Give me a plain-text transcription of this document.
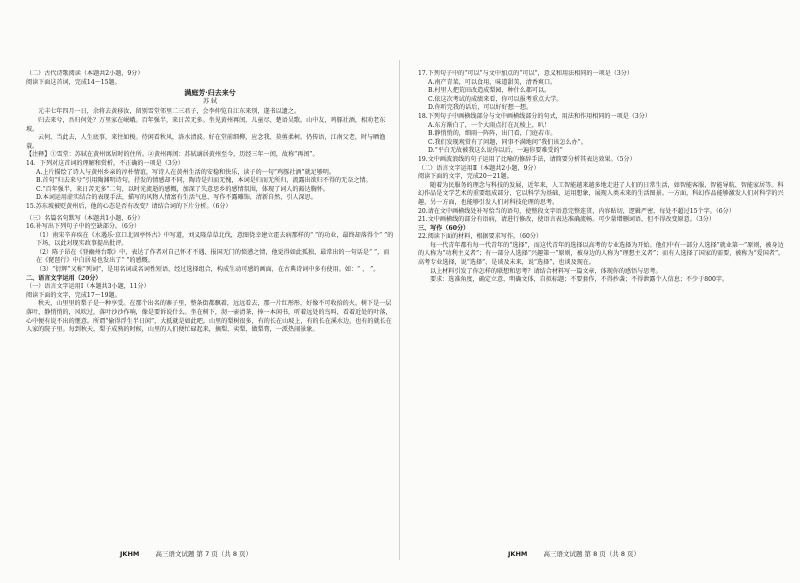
（二）古代诗歌阅读（本题共2小题，9分）

阅读下面这首词，完成14～15题。

满庭芳·归去来兮

苏 轼

元丰七年四月一日，余将去黄移汝，留别雪堂邻里二三君子，会李仲览自江东来别，遂书以遗之。

归去来兮，吾归何处？万里家在岷峨。百年强半，来日苦无多。坐见黄州再闰，儿童尽、楚语吴歌。山中友，鸡豚社酒，相劝老东坡。

云何，当此去，人生底事，来往如梭。待闲看秋风，洛水清波。好在堂前细柳，应念我、莫剪柔柯。仍传语，江南父老，时与晒渔蓑。

【注释】①雪堂：苏轼在黄州寓居时的住所。②黄州再闰：苏轼谪居黄州至今，历经三年一闰，故称“再闰”。

14．下列对这首词的理解和赏析，不正确的一项是（3分）

A.上片描绘了诗人与黄州乡亲的淳朴情谊，写诗人在黄州生活的安稳和快乐，读子的一句“鸡豚社酒”就足够明。

B.首句“归去来兮”引用陶渊明诗句，抒发的情感却不同，陶诗是归而无愧，本词是归而无所归，流露出欲归不得的无奈之情。

C.“百年强半，来日苦无多”二句，以时光流逝的感慨，加深了失意思乡的感情氛围，体现了词人的豁达胸怀。

D.本词运用虚实结合的表现手法，描写的风物人情富有生活气息，写作不露雕饰，清新自然，引人深思。

15.苏东坡被贬黄州后，他的心态是否有改变？请结合词的下片分析。（6分）

（三）名篇名句默写（本题共1小题，6分）

16.补写出下列句子中的空缺部分。（6分）

（1）南宋辛弃疾在《水遇乐·京口北固亭怀古》中写道，刘义隆草草北伐，意图侥幸建立霍去病那样的“ ”的功业，最终却落得个“ ”的下场，以此对现实政事提出批评。

（2）陈子昂在《登幽州台歌》中，表达了作者对自己怀才不遇、报国无门的愤懑之情，他觉得如此孤独，最常出的一句话是“ ”，而在《琵琶行》中白居易也发出了“ ”的感慨。

（3）“衍辉”又称“列词”，是用名词或名词性短语，经过选择组合，构成生动可感的画面，在古典诗词中多有使用。如：“ ， ”。

二、语言文字运用（20分）

（一）语言文字运用Ⅰ（本题共3小题，11分）

阅读下面的文字，完成17～19题。

秋天，山里里的梨子是一种享受。在那个出名的寨子里，整条街都飘着，远远看去，那一片红彤彤，好像不可收拾的火。树下是一层落叶，静悄悄的，风吹过，落叶沙沙作响，像是要诉说什么。坐在树下，沏一壶清茶，捧一本闲书，听着远处的鸟叫，看着近处的叶落，心中便有说不出的惬意。所谓“偷得浮生半日闲”，大抵就是如此吧。山里的梨树很多，有的长在山坡上，有的长在溪水边，也有的就长在人家的院子里。每到秋天，梨子成熟的时候，山里的人们便忙碌起来，摘梨、卖梨、做梨膏，一派热闹景象。

17.下列句子中的“可以”与文中加点的“可以”，意义和用法相同的一项是（3分）

A.南产青菜，可以食用，味道甜美，清香爽口。

B.村里人把荒田改造成梨园，种什么都可以。

C.依这次考试的成绩来看，你可以报考重点大学。

D.你听完我的话后，可以好好想一想。

18.下列句子中画横线部分与文中画横线部分的句式，用法和作用相同的一项是（3分）

A.东方渐白了，一个大雨点打在瓦棱上，叭！

B.静悄悄的，细雨一阵阵，出门看，门庭若市。

C.我们发现观赏有了问题，同事不满地问“我们该怎么办”。

D.“平白无故被我这么说你以后，一遍你要难受的”

19.文中画波浪线的句子运用了比喻的修辞手法，请简要分析其表达效果。（5分）

（二）语言文字运用Ⅱ（本题共2小题，9分）

阅读下面的文字，完成20～21题。

随着为民服务的理念与科技的发展，近年来，人工智能越来越多地走进了人们的日常生活，如智能客服、智能导航、智能家居等。科幻作品是文学艺术的重要组成部分，它以科学为基础，运用想象，展现人类未来的生活图景。一方面，科幻作品能够激发人们对科学的兴趣，另一方面，也能够引发人们对科技伦理的思考。

20.请在文中画横线处补写恰当的语句，使整段文字语意完整连贯，内容贴切，逻辑严密，每处不超过15个字。（6分）

21.文中画横线的部分有语病，请进行修改，使语言表达准确流畅。可少量增删词语，但不得改变原意。（3分）

三、写作（60分）

22.阅读下面的材料，根据要求写作。（60分）

每一代青年都有每一代青年的“选择”，而这代青年的选择以高考的专业选择为开始。他们中有一部分人选择“就业第一”原则，被身边的人称为“功利主义者”；有一部分人选择“兴趣第一”原则，被身边的人称为“理想主义者”；而有人选择了国家的需要，被称为“爱国者”。高考专业选择，说“选择”，是谈及未来，说“选择”，也谈及现在。

以上材料引发了你怎样的联想和思考？请结合材料写一篇文章，体现你的感悟与思考。

要求：选准角度，确定立意，明确文体，自拟标题；不要套作，不得抄袭；不得泄露个人信息；不少于800字。

JKHM 高三语文试题 第 7 页（共 8 页）	JKHM 高三语文试题 第 8 页（共 8 页）
